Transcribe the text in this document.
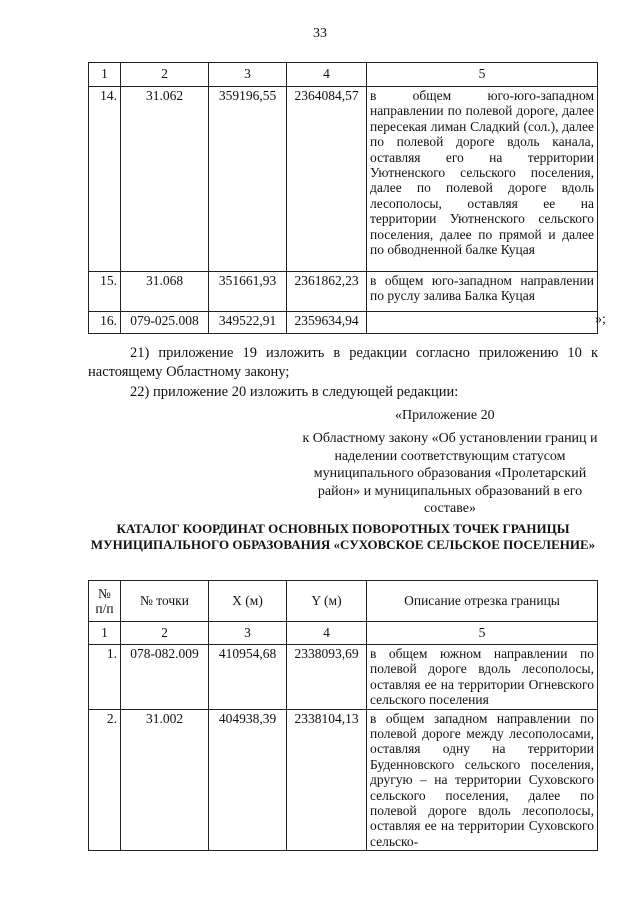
33
1	2	3	4	5
14.	31.062	359196,55	2364084,57	в общем юго-юго-западном направлении по полевой дороге, далее пересекая лиман Сладкий (сол.), далее по полевой дороге вдоль канала, оставляя его на территории Уютненского сельского поселения, далее по полевой дороге вдоль лесополосы, оставляя ее на территории Уютненского сельского поселения, далее по прямой и далее по обводненной балке Куцая
15.	31.068	351661,93	2361862,23	в общем юго-западном направлении по руслу залива Балка Куцая
16.	079-025.008	349522,91	2359634,94		»;
21) приложение 19 изложить в редакции согласно приложению 10 к настоящему Областному закону;
22) приложение 20 изложить в следующей редакции:
«Приложение 20
к Областному закону «Об установлении границ и наделении соответствующим статусом муниципального образования «Пролетарский район» и муниципальных образований в его составе»
КАТАЛОГ КООРДИНАТ ОСНОВНЫХ ПОВОРОТНЫХ ТОЧЕК ГРАНИЦЫ МУНИЦИПАЛЬНОГО ОБРАЗОВАНИЯ «СУХОВСКОЕ СЕЛЬСКОЕ ПОСЕЛЕНИЕ»
№ п/п	№ точки	X (м)	Y (м)	Описание отрезка границы
1	2	3	4	5
1.	078-082.009	410954,68	2338093,69	в общем южном направлении по полевой дороге вдоль лесополосы, оставляя ее на территории Огневского сельского поселения
2.	31.002	404938,39	2338104,13	в общем западном направлении по полевой дороге между лесополосами, оставляя одну на территории Буденновского сельского поселения, другую – на территории Суховского сельского поселения, далее по полевой дороге вдоль лесополосы, оставляя ее на территории Суховского сельско-
